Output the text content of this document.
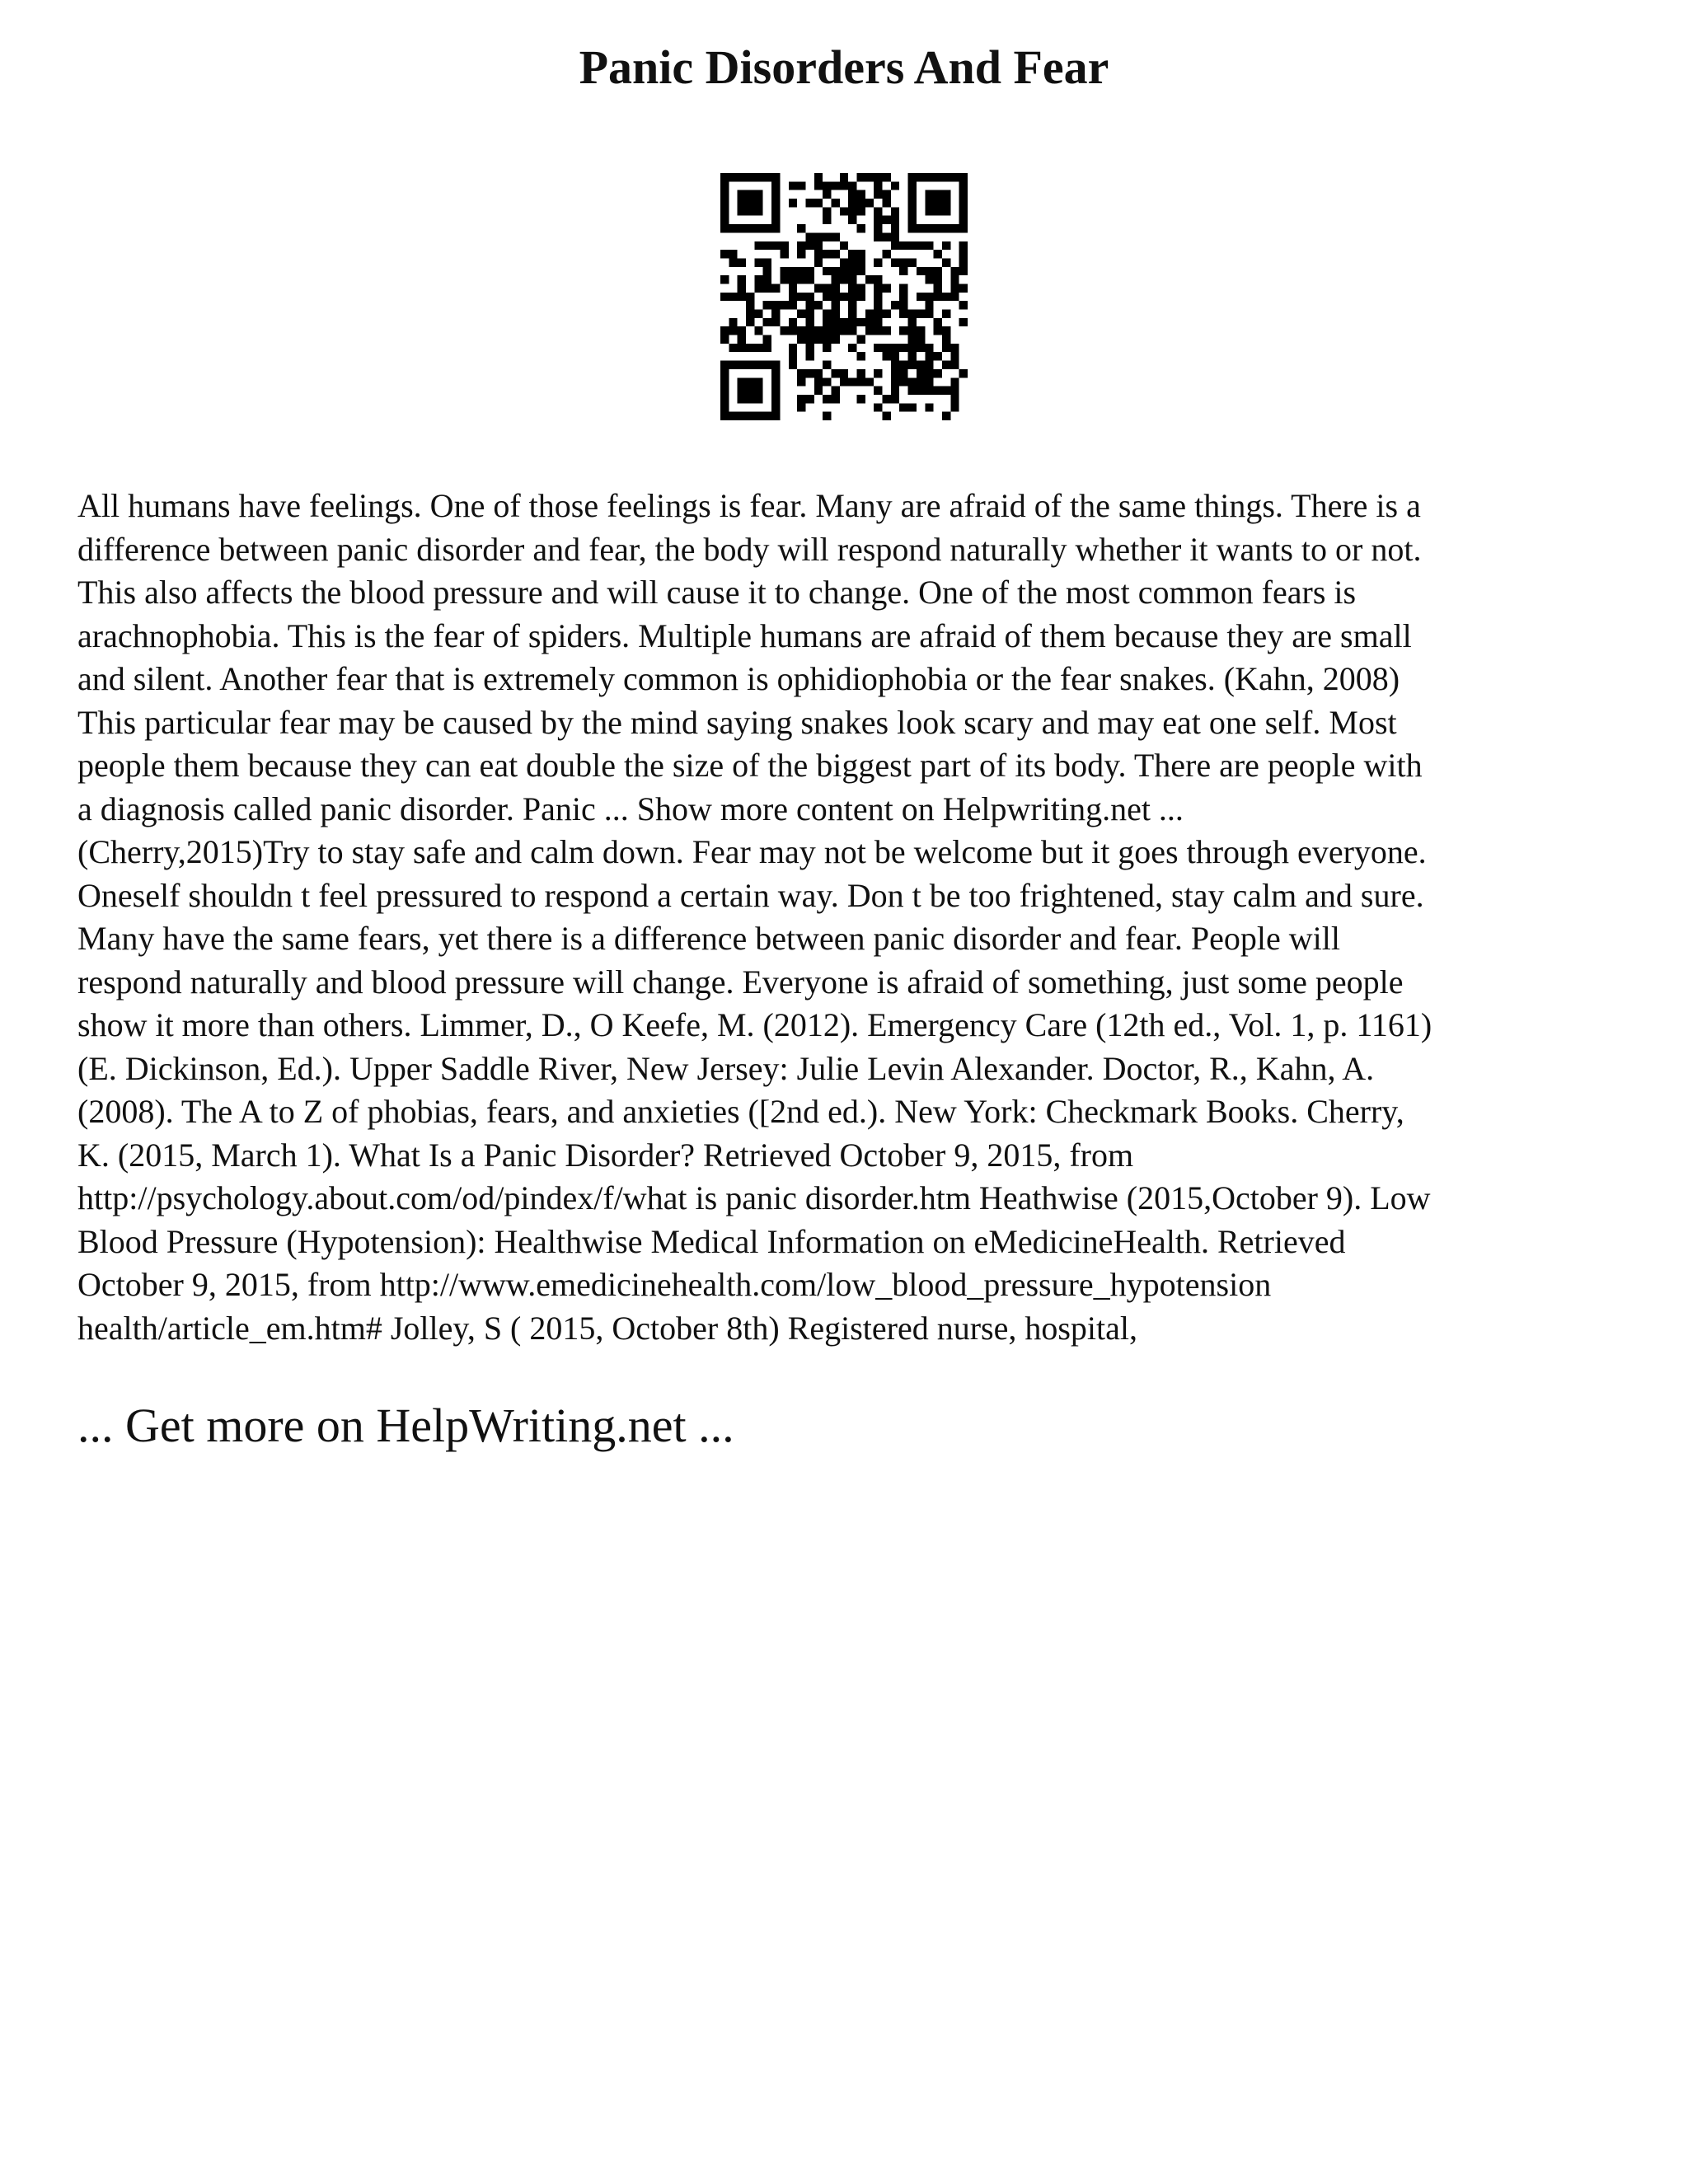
Panic Disorders And Fear
All humans have feelings. One of those feelings is fear. Many are afraid of the same things. There is a
difference between panic disorder and fear, the body will respond naturally whether it wants to or not.
This also affects the blood pressure and will cause it to change. One of the most common fears is
arachnophobia. This is the fear of spiders. Multiple humans are afraid of them because they are small
and silent. Another fear that is extremely common is ophidiophobia or the fear snakes. (Kahn, 2008)
This particular fear may be caused by the mind saying snakes look scary and may eat one self. Most
people them because they can eat double the size of the biggest part of its body. There are people with
a diagnosis called panic disorder. Panic ... Show more content on Helpwriting.net ...
(Cherry,2015)Try to stay safe and calm down. Fear may not be welcome but it goes through everyone.
Oneself shouldn t feel pressured to respond a certain way. Don t be too frightened, stay calm and sure.
Many have the same fears, yet there is a difference between panic disorder and fear. People will
respond naturally and blood pressure will change. Everyone is afraid of something, just some people
show it more than others. Limmer, D., O Keefe, M. (2012). Emergency Care (12th ed., Vol. 1, p. 1161)
(E. Dickinson, Ed.). Upper Saddle River, New Jersey: Julie Levin Alexander. Doctor, R., Kahn, A.
(2008). The A to Z of phobias, fears, and anxieties ([2nd ed.). New York: Checkmark Books. Cherry,
K. (2015, March 1). What Is a Panic Disorder? Retrieved October 9, 2015, from
http://psychology.about.com/od/pindex/f/what is panic disorder.htm Heathwise (2015,October 9). Low
Blood Pressure (Hypotension): Healthwise Medical Information on eMedicineHealth. Retrieved
October 9, 2015, from http://www.emedicinehealth.com/low_blood_pressure_hypotension
health/article_em.htm# Jolley, S ( 2015, October 8th) Registered nurse, hospital,

... Get more on HelpWriting.net ...
